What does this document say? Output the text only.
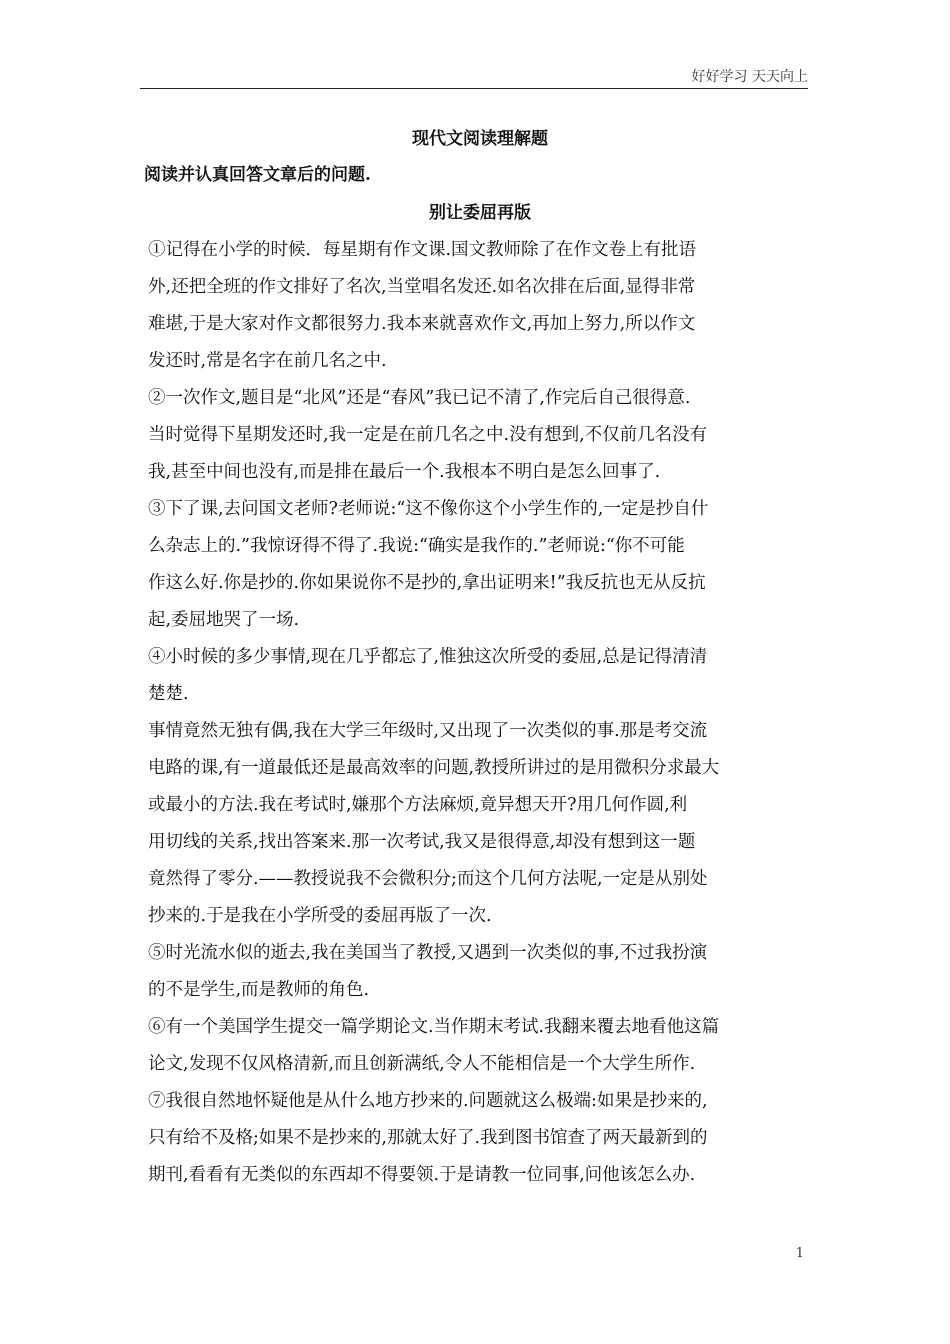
好好学习 天天向上
现代文阅读理解题
阅读并认真回答文章后的问题.
别让委屈再版
①记得在小学的时候．每星期有作文课.国文教师除了在作文卷上有批语
外,还把全班的作文排好了名次,当堂唱名发还.如名次排在后面,显得非常
难堪,于是大家对作文都很努力.我本来就喜欢作文,再加上努力,所以作文
发还时,常是名字在前几名之中.
②一次作文,题目是“北风”还是“春风”我已记不清了,作完后自己很得意.
当时觉得下星期发还时,我一定是在前几名之中.没有想到,不仅前几名没有
我,甚至中间也没有,而是排在最后一个.我根本不明白是怎么回事了.
③下了课,去问国文老师?老师说:“这不像你这个小学生作的,一定是抄自什
么杂志上的.”我惊讶得不得了.我说:“确实是我作的.”老师说:“你不可能
作这么好.你是抄的.你如果说你不是抄的,拿出证明来!”我反抗也无从反抗
起,委屈地哭了一场.
④小时候的多少事情,现在几乎都忘了,惟独这次所受的委屈,总是记得清清
楚楚.
事情竟然无独有偶,我在大学三年级时,又出现了一次类似的事.那是考交流
电路的课,有一道最低还是最高效率的问题,教授所讲过的是用微积分求最大
或最小的方法.我在考试时,嫌那个方法麻烦,竟异想天开?用几何作圆,利
用切线的关系,找出答案来.那一次考试,我又是很得意,却没有想到这一题
竟然得了零分.——教授说我不会微积分;而这个几何方法呢,一定是从别处
抄来的.于是我在小学所受的委屈再版了一次.
⑤时光流水似的逝去,我在美国当了教授,又遇到一次类似的事,不过我扮演
的不是学生,而是教师的角色.
⑥有一个美国学生提交一篇学期论文.当作期末考试.我翻来覆去地看他这篇
论文,发现不仅风格清新,而且创新满纸,令人不能相信是一个大学生所作.
⑦我很自然地怀疑他是从什么地方抄来的.问题就这么极端:如果是抄来的,
只有给不及格;如果不是抄来的,那就太好了.我到图书馆查了两天最新到的
期刊,看看有无类似的东西却不得要领.于是请教一位同事,问他该怎么办.
1
